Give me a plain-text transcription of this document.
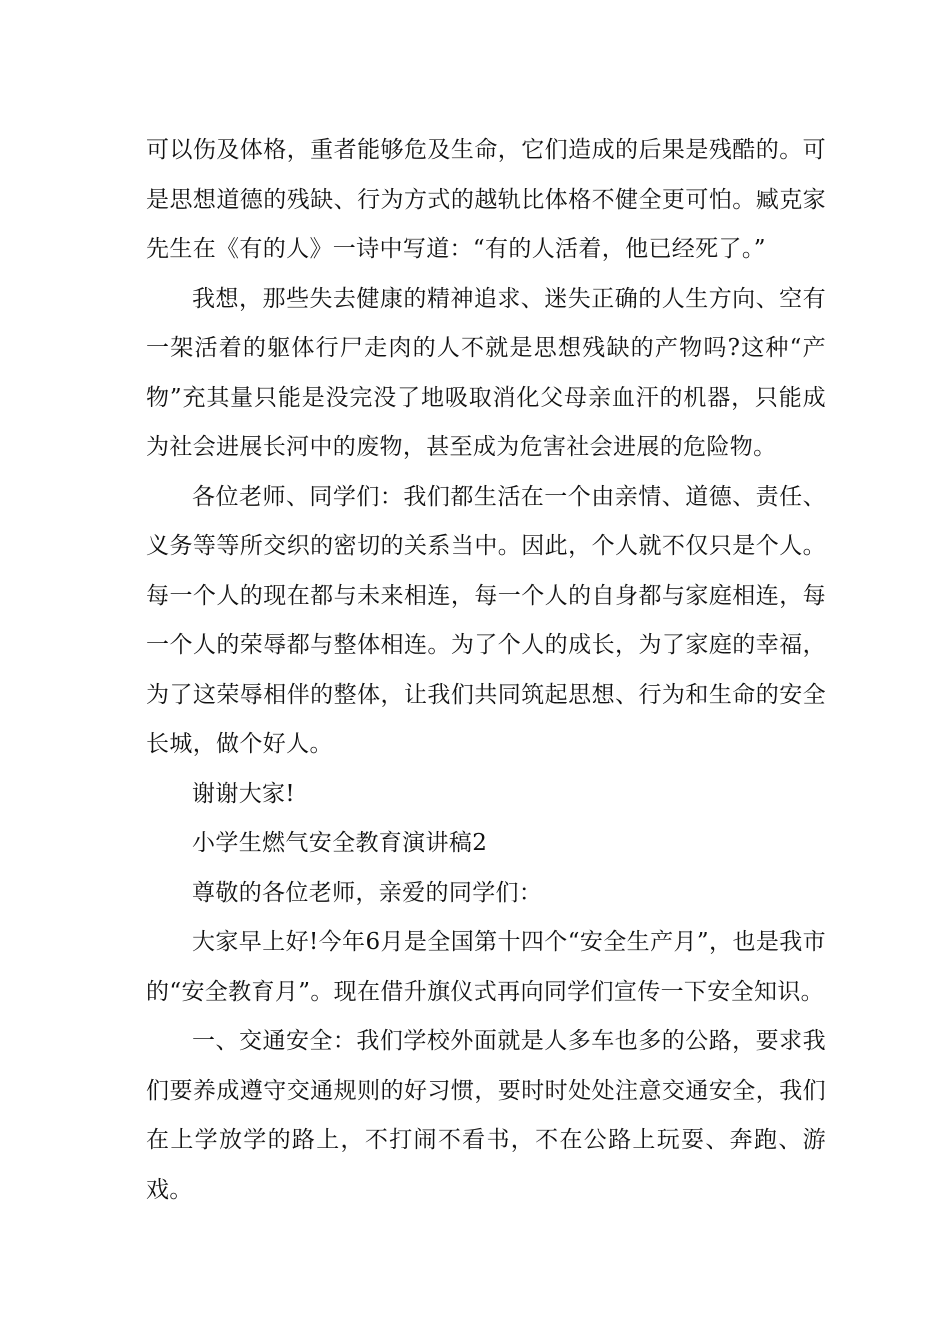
可以伤及体格，重者能够危及生命，它们造成的后果是残酷的。可是思想道德的残缺、行为方式的越轨比体格不健全更可怕。臧克家先生在《有的人》一诗中写道：“有的人活着，他已经死了。”

我想，那些失去健康的精神追求、迷失正确的人生方向、空有一架活着的躯体行尸走肉的人不就是思想残缺的产物吗?这种“产物”充其量只能是没完没了地吸取消化父母亲血汗的机器，只能成为社会进展长河中的废物，甚至成为危害社会进展的危险物。

各位老师、同学们：我们都生活在一个由亲情、道德、责任、义务等等所交织的密切的关系当中。因此，个人就不仅只是个人。每一个人的现在都与未来相连，每一个人的自身都与家庭相连，每一个人的荣辱都与整体相连。为了个人的成长，为了家庭的幸福，为了这荣辱相伴的整体，让我们共同筑起思想、行为和生命的安全长城，做个好人。

谢谢大家!

小学生燃气安全教育演讲稿2

尊敬的各位老师，亲爱的同学们：

大家早上好!今年6月是全国第十四个“安全生产月”，也是我市的“安全教育月”。现在借升旗仪式再向同学们宣传一下安全知识。

一、交通安全：我们学校外面就是人多车也多的公路，要求我们要养成遵守交通规则的好习惯，要时时处处注意交通安全，我们在上学放学的路上，不打闹不看书，不在公路上玩耍、奔跑、游戏。
